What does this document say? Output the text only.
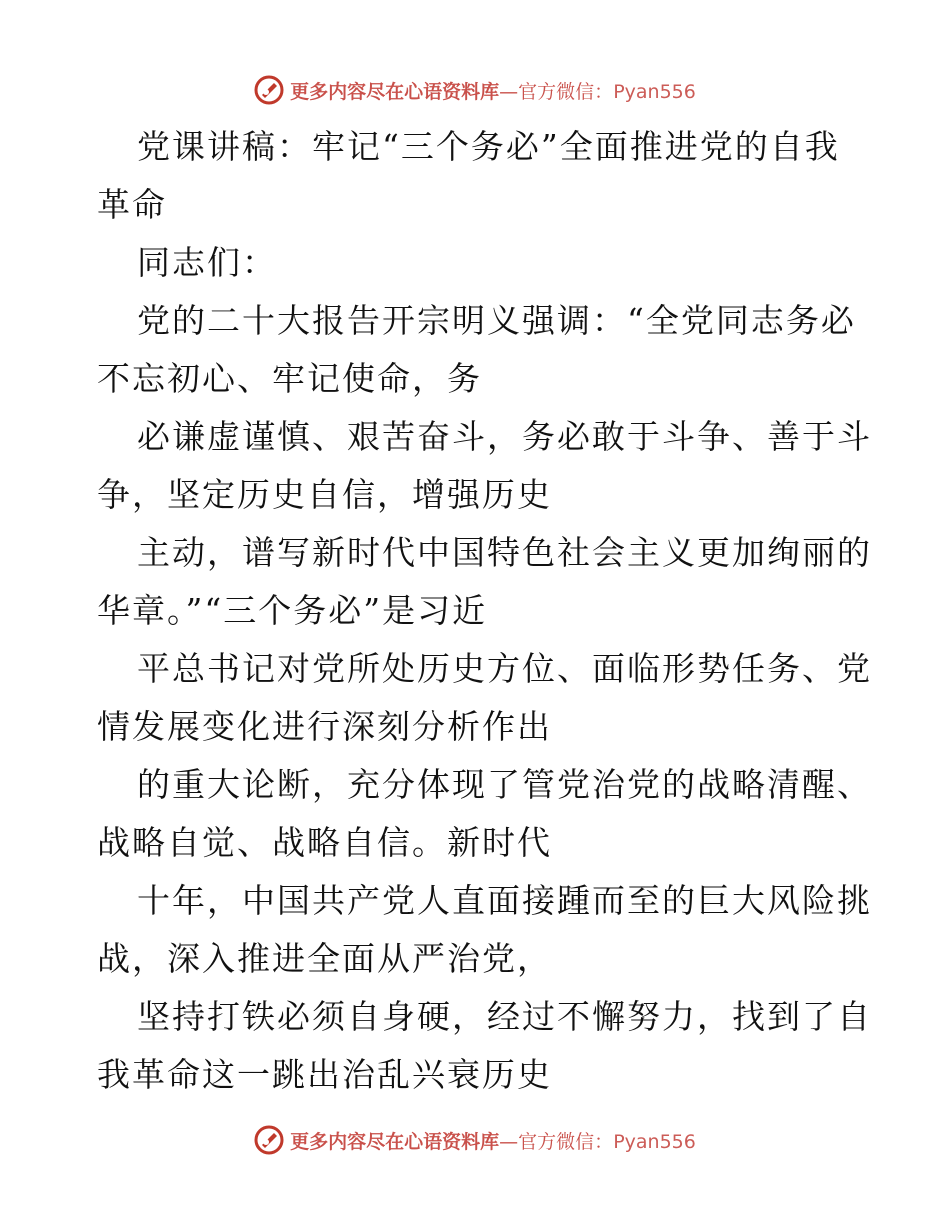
更多内容尽在心语资料库—官方微信：Pyan556
党课讲稿：牢记“三个务必”全面推进党的自我
革命
同志们：
党的二十大报告开宗明义强调：“全党同志务必
不忘初心、牢记使命，务
必谦虚谨慎、艰苦奋斗，务必敢于斗争、善于斗
争，坚定历史自信，增强历史
主动，谱写新时代中国特色社会主义更加绚丽的
华章。”“三个务必”是习近
平总书记对党所处历史方位、面临形势任务、党
情发展变化进行深刻分析作出
的重大论断，充分体现了管党治党的战略清醒、
战略自觉、战略自信。新时代
十年，中国共产党人直面接踵而至的巨大风险挑
战，深入推进全面从严治党，
坚持打铁必须自身硬，经过不懈努力，找到了自
我革命这一跳出治乱兴衰历史
更多内容尽在心语资料库—官方微信：Pyan556
